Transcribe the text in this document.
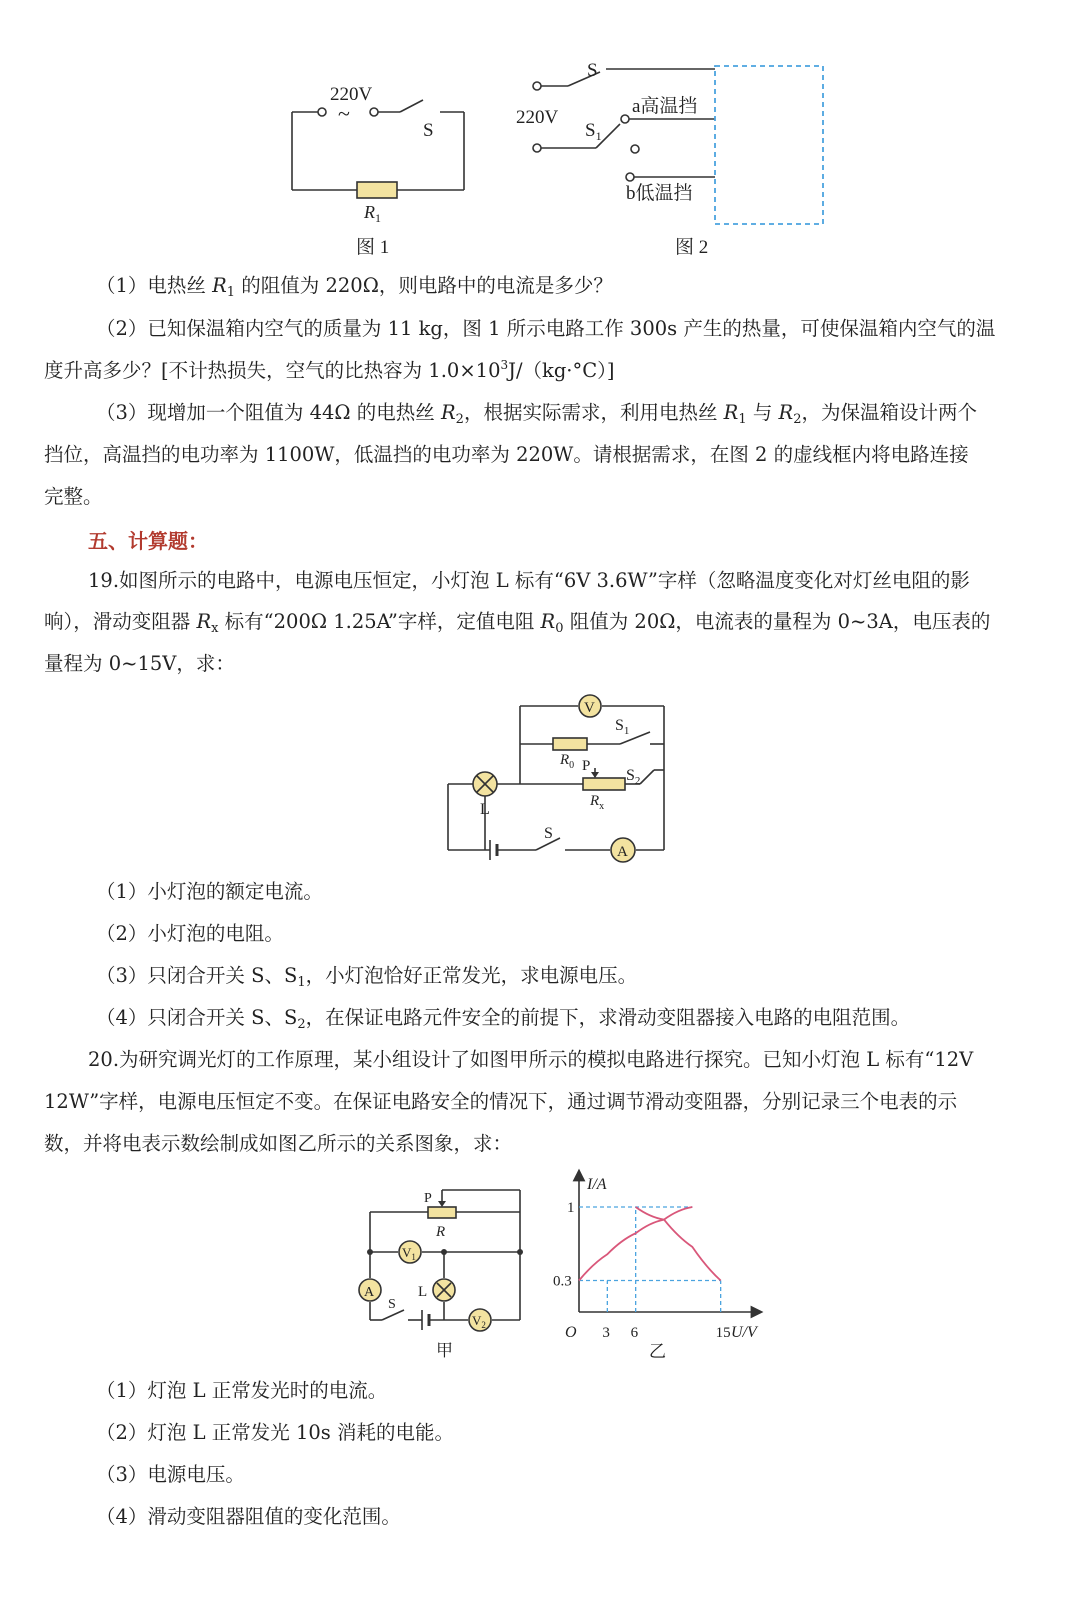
220V
~
S
$R_1$
图 1
S
220V
$S_1$
a高温挡
b低温挡
图 2
（1）电热丝 $R_1$ 的阻值为 220Ω，则电路中的电流是多少？
（2）已知保温箱内空气的质量为 11 kg，图 1 所示电路工作 300s 产生的热量，可使保温箱内空气的温
度升高多少？[不计热损失，空气的比热容为 $1.0\times 10^3J/(kg\cdot^\circ C)$]
（3）现增加一个阻值为 44Ω 的电热丝 $R_2$，根据实际需求，利用电热丝 $R_1$ 与 $R_2$，为保温箱设计两个
挡位，高温挡的电功率为 1100W，低温挡的电功率为 220W。请根据需求，在图 2 的虚线框内将电路连接
完整。
五、计算题：
19.如图所示的电路中，电源电压恒定，小灯泡 L 标有“6V 3.6W”字样（忽略温度变化对灯丝电阻的影
响），滑动变阻器 $R_x$ 标有“200Ω 1.25A”字样，定值电阻 $R_0$ 阻值为 20Ω，电流表的量程为 0~3A，电压表的
量程为 0~15V，求：
V
A
$S_1$
$R_0$ P
$S_2$
$R_x$
L
S
（1）小灯泡的额定电流。
（2）小灯泡的电阻。
（3）只闭合开关 S、$S_1$，小灯泡恰好正常发光，求电源电压。
（4）只闭合开关 S、$S_2$，在保证电路元件安全的前提下，求滑动变阻器接入电路的电阻范围。
20.为研究调光灯的工作原理，某小组设计了如图甲所示的模拟电路进行探究。已知小灯泡 L 标有“12V
12W”字样，电源电压恒定不变。在保证电路安全的情况下，通过调节滑动变阻器，分别记录三个电表的示
数，并将电表示数绘制成如图乙所示的关系图象，求：
$V_1$
A
$V_2$
P
R
L
S
甲
3 6	15
0.3
1
I/A
U/V
O
乙
（1）灯泡 L 正常发光时的电流。
（2）灯泡 L 正常发光 10s 消耗的电能。
（3）电源电压。
（4）滑动变阻器阻值的变化范围。
